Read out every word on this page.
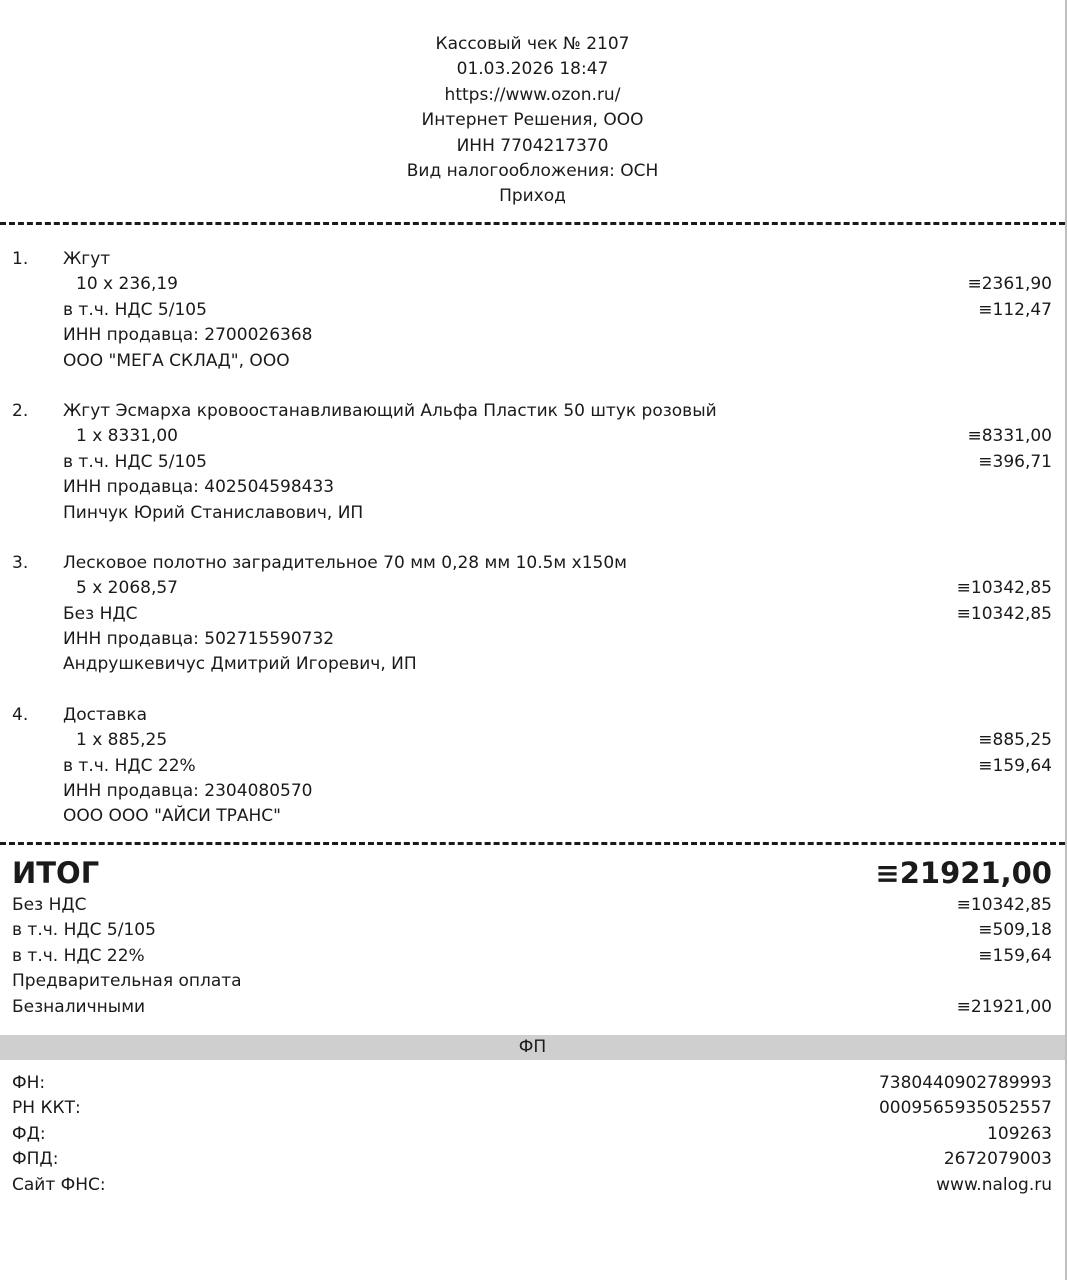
Кассовый чек № 2107
01.03.2026 18:47
https://www.ozon.ru/
Интернет Решения, ООО
ИНН 7704217370
Вид налогообложения: ОСН
Приход
1.	Жгут
10 x 236,19	≡2361,90
в т.ч. НДС 5/105	≡112,47
ИНН продавца: 2700026368
ООО "МЕГА СКЛАД", ООО
2.	Жгут Эсмарха кровоостанавливающий Альфа Пластик 50 штук розовый
1 x 8331,00	≡8331,00
в т.ч. НДС 5/105	≡396,71
ИНН продавца: 402504598433
Пинчук Юрий Станиславович, ИП
3.	Лесковое полотно заградительное 70 мм 0,28 мм 10.5м х150м
5 x 2068,57	≡10342,85
Без НДС	≡10342,85
ИНН продавца: 502715590732
Андрушкевичус Дмитрий Игоревич, ИП
4.	Доставка
1 x 885,25	≡885,25
в т.ч. НДС 22%	≡159,64
ИНН продавца: 2304080570
ООО ООО "АЙСИ ТРАНС"
ИТОГ	≡21921,00
Без НДС	≡10342,85
в т.ч. НДС 5/105	≡509,18
в т.ч. НДС 22%	≡159,64
Предварительная оплата
Безналичными	≡21921,00
ФП
ФН:	7380440902789993
РН ККТ:	0009565935052557
ФД:	109263
ФПД:	2672079003
Сайт ФНС:	www.nalog.ru
